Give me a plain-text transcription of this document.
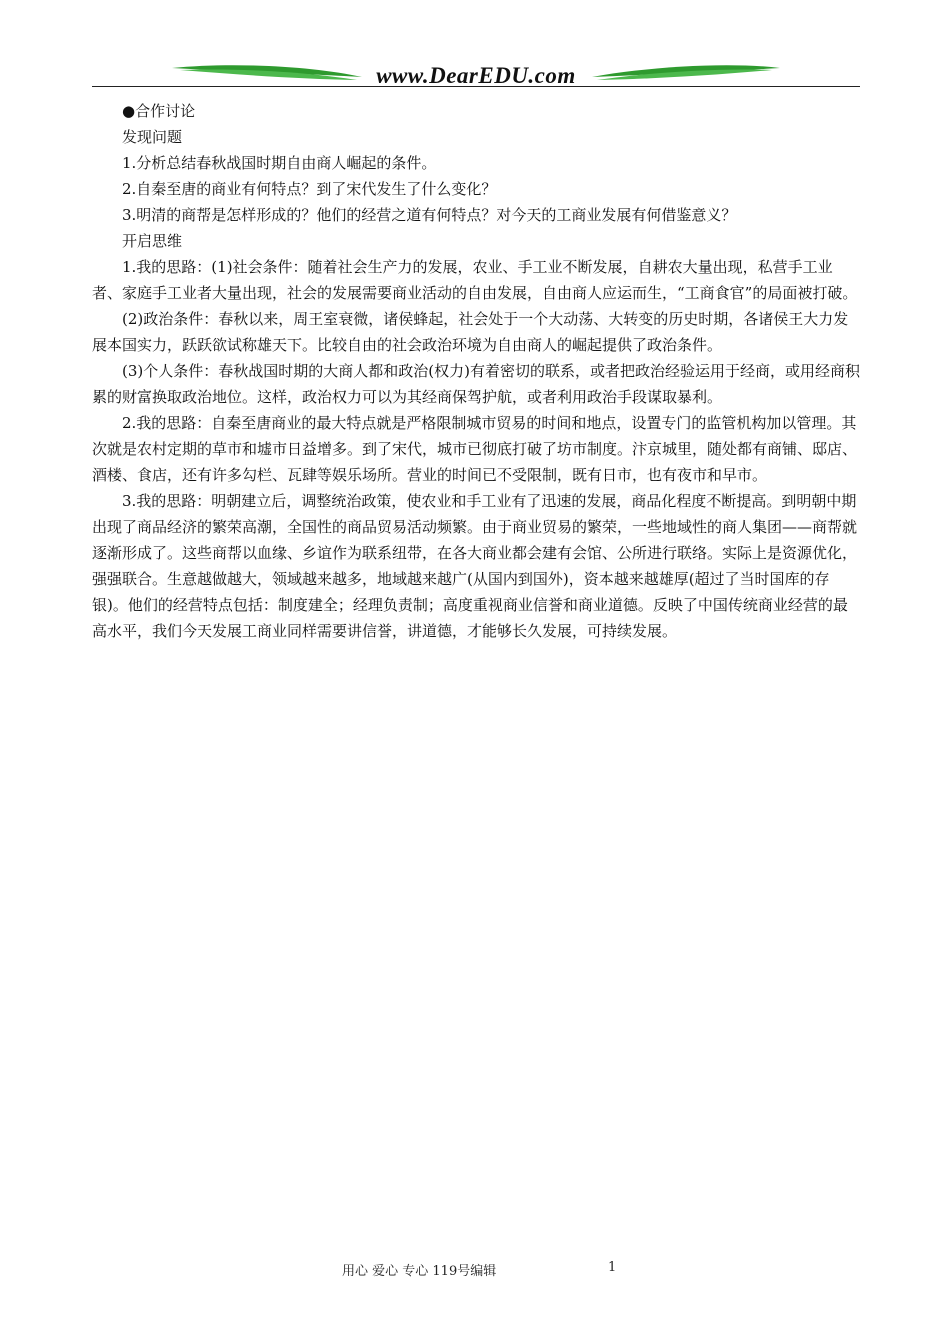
www.DearEDU.com

●合作讨论

发现问题

1.分析总结春秋战国时期自由商人崛起的条件。

2.自秦至唐的商业有何特点？到了宋代发生了什么变化？

3.明清的商帮是怎样形成的？他们的经营之道有何特点？对今天的工商业发展有何借鉴意义？

开启思维

1.我的思路：(1)社会条件：随着社会生产力的发展，农业、手工业不断发展，自耕农大量出现，私营手工业者、家庭手工业者大量出现，社会的发展需要商业活动的自由发展，自由商人应运而生，“工商食官”的局面被打破。

(2)政治条件：春秋以来，周王室衰微，诸侯蜂起，社会处于一个大动荡、大转变的历史时期，各诸侯王大力发展本国实力，跃跃欲试称雄天下。比较自由的社会政治环境为自由商人的崛起提供了政治条件。

(3)个人条件：春秋战国时期的大商人都和政治(权力)有着密切的联系，或者把政治经验运用于经商，或用经商积累的财富换取政治地位。这样，政治权力可以为其经商保驾护航，或者利用政治手段谋取暴利。

2.我的思路：自秦至唐商业的最大特点就是严格限制城市贸易的时间和地点，设置专门的监管机构加以管理。其次就是农村定期的草市和墟市日益增多。到了宋代，城市已彻底打破了坊市制度。汴京城里，随处都有商铺、邸店、酒楼、食店，还有许多勾栏、瓦肆等娱乐场所。营业的时间已不受限制，既有日市，也有夜市和早市。

3.我的思路：明朝建立后，调整统治政策，使农业和手工业有了迅速的发展，商品化程度不断提高。到明朝中期出现了商品经济的繁荣高潮，全国性的商品贸易活动频繁。由于商业贸易的繁荣，一些地域性的商人集团——商帮就逐渐形成了。这些商帮以血缘、乡谊作为联系纽带，在各大商业都会建有会馆、公所进行联络。实际上是资源优化，强强联合。生意越做越大，领域越来越多，地域越来越广(从国内到国外)，资本越来越雄厚(超过了当时国库的存银)。他们的经营特点包括：制度建全；经理负责制；高度重视商业信誉和商业道德。反映了中国传统商业经营的最高水平，我们今天发展工商业同样需要讲信誉，讲道德，才能够长久发展，可持续发展。

用心 爱心 专心 119号编辑	1
